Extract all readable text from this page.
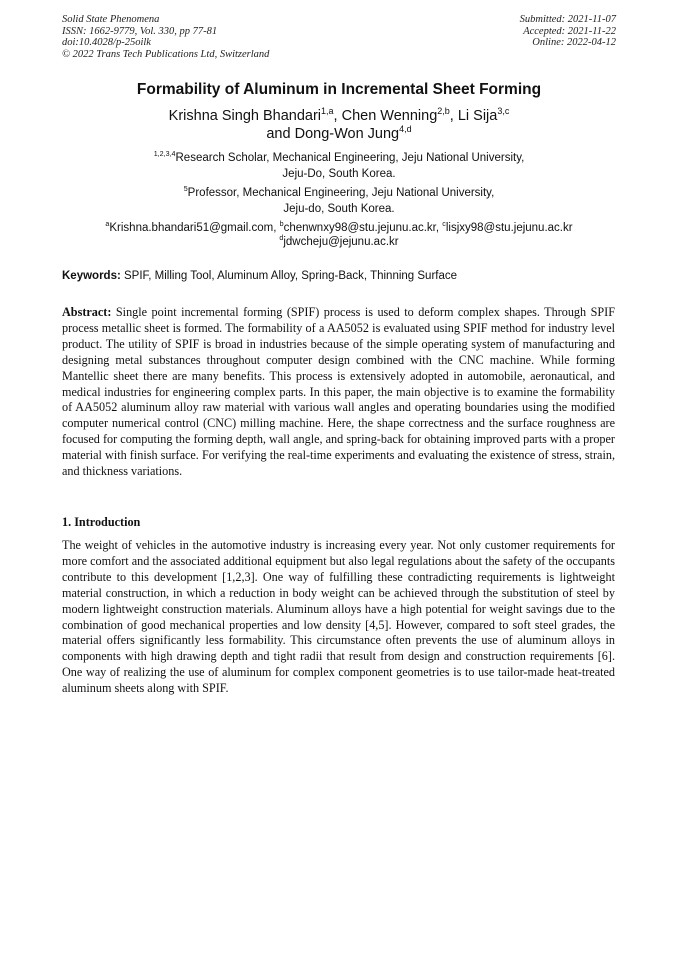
Solid State Phenomena
ISSN: 1662-9779, Vol. 330, pp 77-81
doi:10.4028/p-25oilk
© 2022 Trans Tech Publications Ltd, Switzerland
Submitted: 2021-11-07
Accepted: 2021-11-22
Online: 2022-04-12
Formability of Aluminum in Incremental Sheet Forming
Krishna Singh Bhandari$^{1,a}$, Chen Wenning$^{2,b}$, Li Sija$^{3,c}$
and Dong-Won Jung$^{4,d}$
$^{1,2,3,4}$Research Scholar, Mechanical Engineering, Jeju National University,
Jeju-Do, South Korea.
$^5$Professor, Mechanical Engineering, Jeju National University,
Jeju-do, South Korea.
$^a$Krishna.bhandari51@gmail.com, $^b$chenwnxy98@stu.jejunu.ac.kr, $^c$lisjxy98@stu.jejunu.ac.kr
$^d$jdwcheju@jejunu.ac.kr
Keywords: SPIF, Milling Tool, Aluminum Alloy, Spring-Back, Thinning Surface
Abstract: Single point incremental forming (SPIF) process is used to deform complex shapes. Through SPIF process metallic sheet is formed. The formability of a AA5052 is evaluated using SPIF method for industry level product. The utility of SPIF is broad in industries because of the simple operating system of manufacturing and designing metal substances throughout computer design combined with the CNC machine. While forming Mantellic sheet there are many benefits. This process is extensively adopted in automobile, aeronautical, and medical industries for engineering complex parts. In this paper, the main objective is to examine the formability of AA5052 aluminum alloy raw material with various wall angles and operating boundaries using the modified computer numerical control (CNC) milling machine. Here, the shape correctness and the surface roughness are focused for computing the forming depth, wall angle, and spring-back for obtaining improved parts with a proper material with finish surface. For verifying the real-time experiments and evaluating the existence of stress, strain, and thickness variations.
1. Introduction
The weight of vehicles in the automotive industry is increasing every year. Not only customer requirements for more comfort and the associated additional equipment but also legal regulations about the safety of the occupants contribute to this development [1,2,3]. One way of fulfilling these contradicting requirements is lightweight material construction, in which a reduction in body weight can be achieved through the substitution of steel by modern lightweight construction materials. Aluminum alloys have a high potential for weight savings due to the combination of good mechanical properties and low density [4,5]. However, compared to soft steel grades, the material offers significantly less formability. This circumstance often prevents the use of aluminum alloys in components with high drawing depth and tight radii that result from design and construction requirements [6]. One way of realizing the use of aluminum for complex component geometries is to use tailor-made heat-treated aluminum sheets along with SPIF.
